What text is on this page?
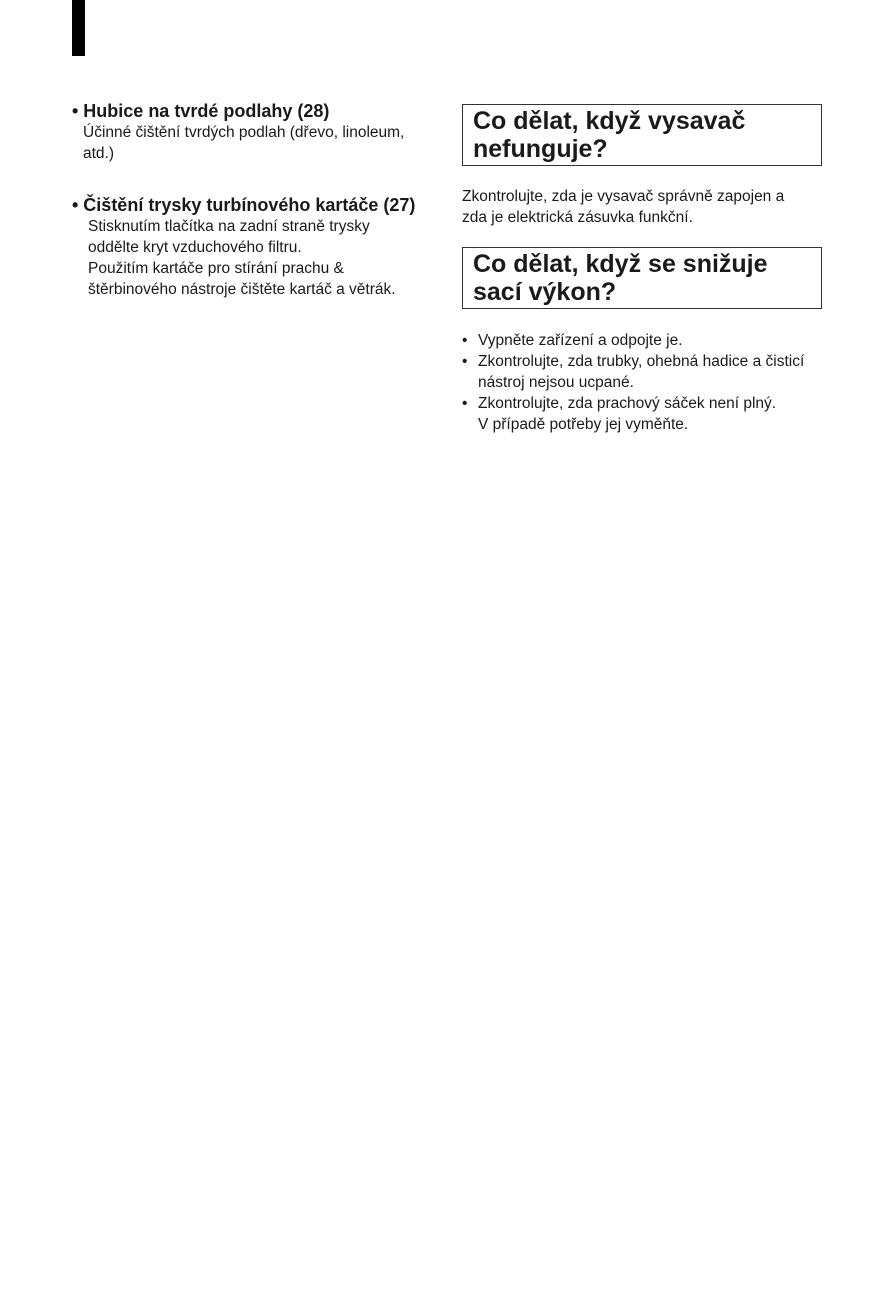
• Hubice na tvrdé podlahy (28)
Účinné čištění tvrdých podlah (dřevo, linoleum,
atd.)
• Čištění trysky turbínového kartáče (27)
Stisknutím tlačítka na zadní straně trysky
oddělte kryt vzduchového filtru.
Použitím kartáče pro stírání prachu &
štěrbinového nástroje čištěte kartáč a větrák.
Co dělat, když vysavač
nefunguje?
Zkontrolujte, zda je vysavač správně zapojen a
zda je elektrická zásuvka funkční.
Co dělat, když se snižuje
sací výkon?
• Vypněte zařízení a odpojte je.
• Zkontrolujte, zda trubky, ohebná hadice a čisticí
nástroj nejsou ucpané.
• Zkontrolujte, zda prachový sáček není plný.
V případě potřeby jej vyměňte.
